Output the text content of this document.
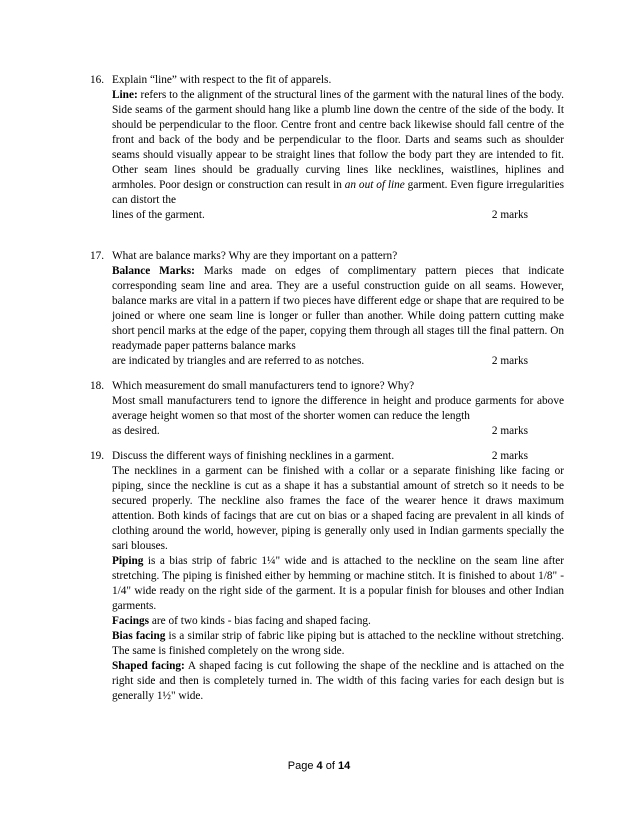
16. Explain “line” with respect to the fit of apparels.

Line: refers to the alignment of the structural lines of the garment with the natural lines of the body. Side seams of the garment should hang like a plumb line down the centre of the side of the body. It should be perpendicular to the floor. Centre front and centre back likewise should fall centre of the front and back of the body and be perpendicular to the floor. Darts and seams such as shoulder seams should visually appear to be straight lines that follow the body part they are intended to fit. Other seam lines should be gradually curving lines like necklines, waistlines, hiplines and armholes. Poor design or construction can result in an out of line garment. Even figure irregularities can distort the

lines of the garment.	2 marks
17. What are balance marks? Why are they important on a pattern?

Balance Marks: Marks made on edges of complimentary pattern pieces that indicate corresponding seam line and area. They are a useful construction guide on all seams. However, balance marks are vital in a pattern if two pieces have different edge or shape that are required to be joined or where one seam line is longer or fuller than another. While doing pattern cutting make short pencil marks at the edge of the paper, copying them through all stages till the final pattern. On readymade paper patterns balance marks

are indicated by triangles and are referred to as notches.	2 marks
18. Which measurement do small manufacturers tend to ignore? Why?

Most small manufacturers tend to ignore the difference in height and produce garments for above average height women so that most of the shorter women can reduce the length

as desired.	2 marks
19. Discuss the different ways of finishing necklines in a garment.	2 marks

The necklines in a garment can be finished with a collar or a separate finishing like facing or piping, since the neckline is cut as a shape it has a substantial amount of stretch so it needs to be secured properly. The neckline also frames the face of the wearer hence it draws maximum attention. Both kinds of facings that are cut on bias or a shaped facing are prevalent in all kinds of clothing around the world, however, piping is generally only used in Indian garments specially the sari blouses.

Piping is a bias strip of fabric 1¼" wide and is attached to the neckline on the seam line after stretching. The piping is finished either by hemming or machine stitch. It is finished to about 1/8" - 1/4" wide ready on the right side of the garment. It is a popular finish for blouses and other Indian garments.

Facings are of two kinds - bias facing and shaped facing.

Bias facing is a similar strip of fabric like piping but is attached to the neckline without stretching. The same is finished completely on the wrong side.

Shaped facing: A shaped facing is cut following the shape of the neckline and is attached on the right side and then is completely turned in. The width of this facing varies for each design but is generally 1½" wide.

Page 4 of 14
